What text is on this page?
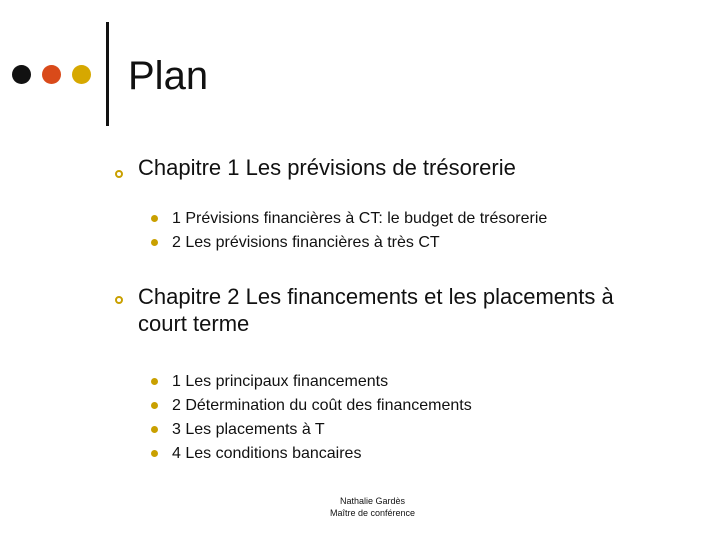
Plan
Chapitre 1 Les prévisions de trésorerie
1 Prévisions financières à CT: le budget de trésorerie
2 Les prévisions financières à très CT
Chapitre 2 Les financements et les placements à
court terme
1 Les principaux financements
2 Détermination du coût des financements
3 Les placements à T
4 Les conditions bancaires
Nathalie Gardès
Maître de conférence
